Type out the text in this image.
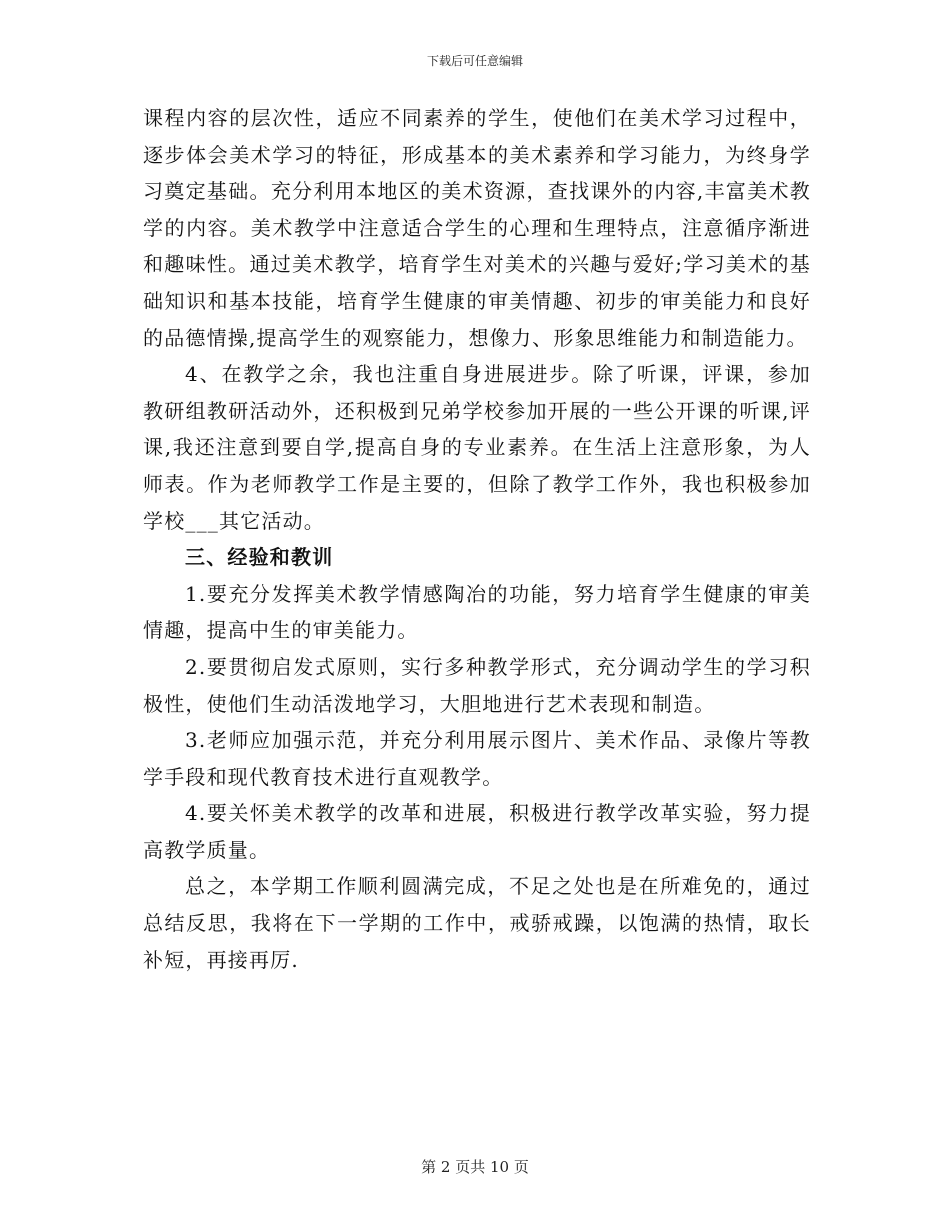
下载后可任意编辑

课程内容的层次性，适应不同素养的学生，使他们在美术学习过程中，逐步体会美术学习的特征，形成基本的美术素养和学习能力，为终身学习奠定基础。充分利用本地区的美术资源，查找课外的内容,丰富美术教学的内容。美术教学中注意适合学生的心理和生理特点，注意循序渐进和趣味性。通过美术教学，培育学生对美术的兴趣与爱好;学习美术的基础知识和基本技能，培育学生健康的审美情趣、初步的审美能力和良好的品德情操,提高学生的观察能力，想像力、形象思维能力和制造能力。

4、在教学之余，我也注重自身进展进步。除了听课，评课，参加教研组教研活动外，还积极到兄弟学校参加开展的一些公开课的听课,评课,我还注意到要自学,提高自身的专业素养。在生活上注意形象，为人师表。作为老师教学工作是主要的，但除了教学工作外，我也积极参加学校___其它活动。

三、经验和教训

1.要充分发挥美术教学情感陶冶的功能，努力培育学生健康的审美情趣，提高中生的审美能力。

2.要贯彻启发式原则，实行多种教学形式，充分调动学生的学习积极性，使他们生动活泼地学习，大胆地进行艺术表现和制造。

3.老师应加强示范，并充分利用展示图片、美术作品、录像片等教学手段和现代教育技术进行直观教学。

4.要关怀美术教学的改革和进展，积极进行教学改革实验，努力提高教学质量。

总之，本学期工作顺利圆满完成，不足之处也是在所难免的，通过总结反思，我将在下一学期的工作中，戒骄戒躁，以饱满的热情，取长补短，再接再厉.

第 2 页共 10 页
